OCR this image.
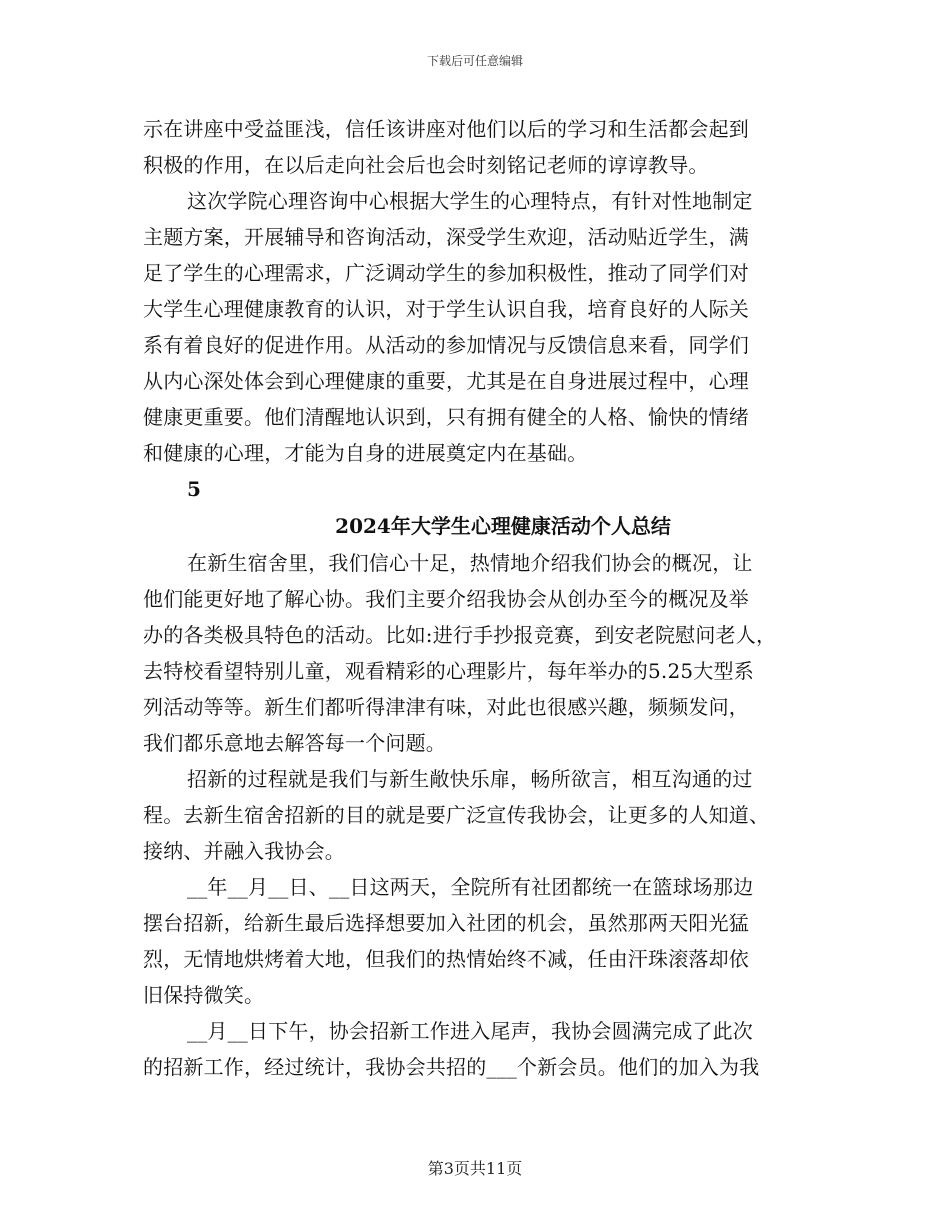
下载后可任意编辑
示在讲座中受益匪浅，信任该讲座对他们以后的学习和生活都会起到
积极的作用，在以后走向社会后也会时刻铭记老师的谆谆教导。
这次学院心理咨询中心根据大学生的心理特点，有针对性地制定
主题方案，开展辅导和咨询活动，深受学生欢迎，活动贴近学生，满
足了学生的心理需求，广泛调动学生的参加积极性，推动了同学们对
大学生心理健康教育的认识，对于学生认识自我，培育良好的人际关
系有着良好的促进作用。从活动的参加情况与反馈信息来看，同学们
从内心深处体会到心理健康的重要，尤其是在自身进展过程中，心理
健康更重要。他们清醒地认识到，只有拥有健全的人格、愉快的情绪
和健康的心理，才能为自身的进展奠定内在基础。
5
2024年大学生心理健康活动个人总结
在新生宿舍里，我们信心十足，热情地介绍我们协会的概况，让
他们能更好地了解心协。我们主要介绍我协会从创办至今的概况及举
办的各类极具特色的活动。比如:进行手抄报竞赛，到安老院慰问老人，
去特校看望特别儿童，观看精彩的心理影片，每年举办的5.25大型系
列活动等等。新生们都听得津津有味，对此也很感兴趣，频频发问，
我们都乐意地去解答每一个问题。
招新的过程就是我们与新生敞快乐扉，畅所欲言，相互沟通的过
程。去新生宿舍招新的目的就是要广泛宣传我协会，让更多的人知道、
接纳、并融入我协会。
__年__月__日、__日这两天，全院所有社团都统一在篮球场那边
摆台招新，给新生最后选择想要加入社团的机会，虽然那两天阳光猛
烈，无情地烘烤着大地，但我们的热情始终不减，任由汗珠滚落却依
旧保持微笑。
__月__日下午，协会招新工作进入尾声，我协会圆满完成了此次
的招新工作，经过统计，我协会共招的___个新会员。他们的加入为我
第3页共11页
